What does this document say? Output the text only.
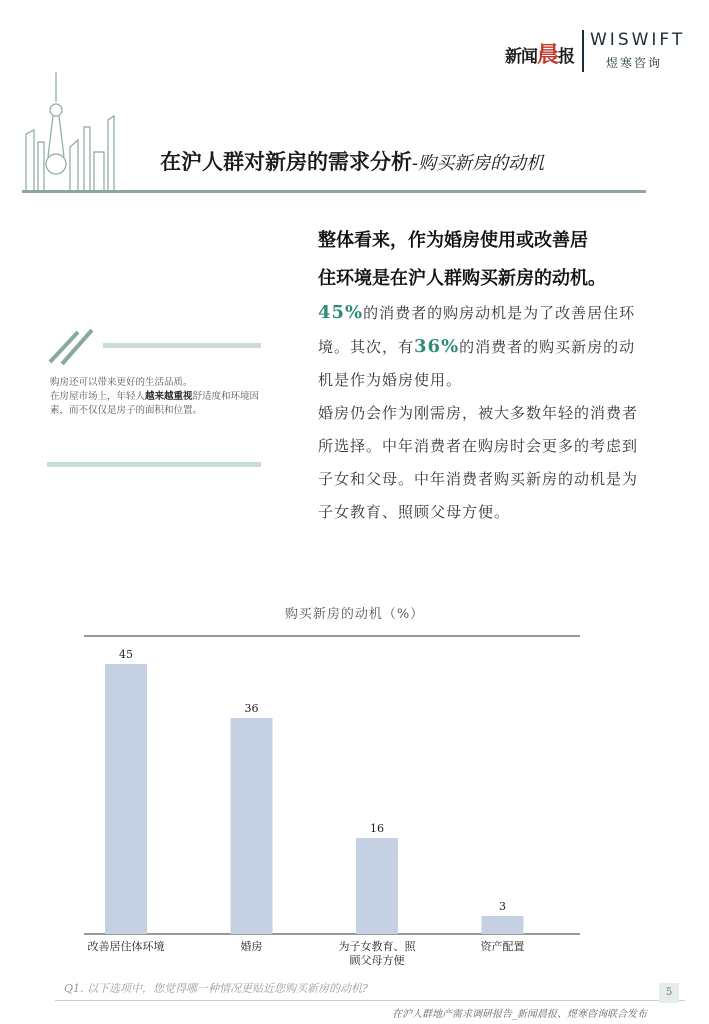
新闻晨报
WISWIFT
煜寒咨询
在沪人群对新房的需求分析-购买新房的动机
整体看来，作为婚房使用或改善居
住环境是在沪人群购买新房的动机。
45%的消费者的购房动机是为了改善居住环境。其次，有36%的消费者的购买新房的动机是作为婚房使用。
婚房仍会作为刚需房，被大多数年轻的消费者所选择。中年消费者在购房时会更多的考虑到子女和父母。中年消费者购买新房的动机是为子女教育、照顾父母方便。
购房还可以带来更好的生活品质。
在房屋市场上，年轻人越来越重视舒适度和环境因素，而不仅仅是房子的面积和位置。
购买新房的动机（%）
45
改善居住体环境
36
婚房
16
为子女教育、照
顾父母方便
3
资产配置
Q1. 以下选项中，您觉得哪一种情况更贴近您购买新房的动机?	5
在沪人群地产需求调研报告_新闻晨报、煜寒咨询联合发布
